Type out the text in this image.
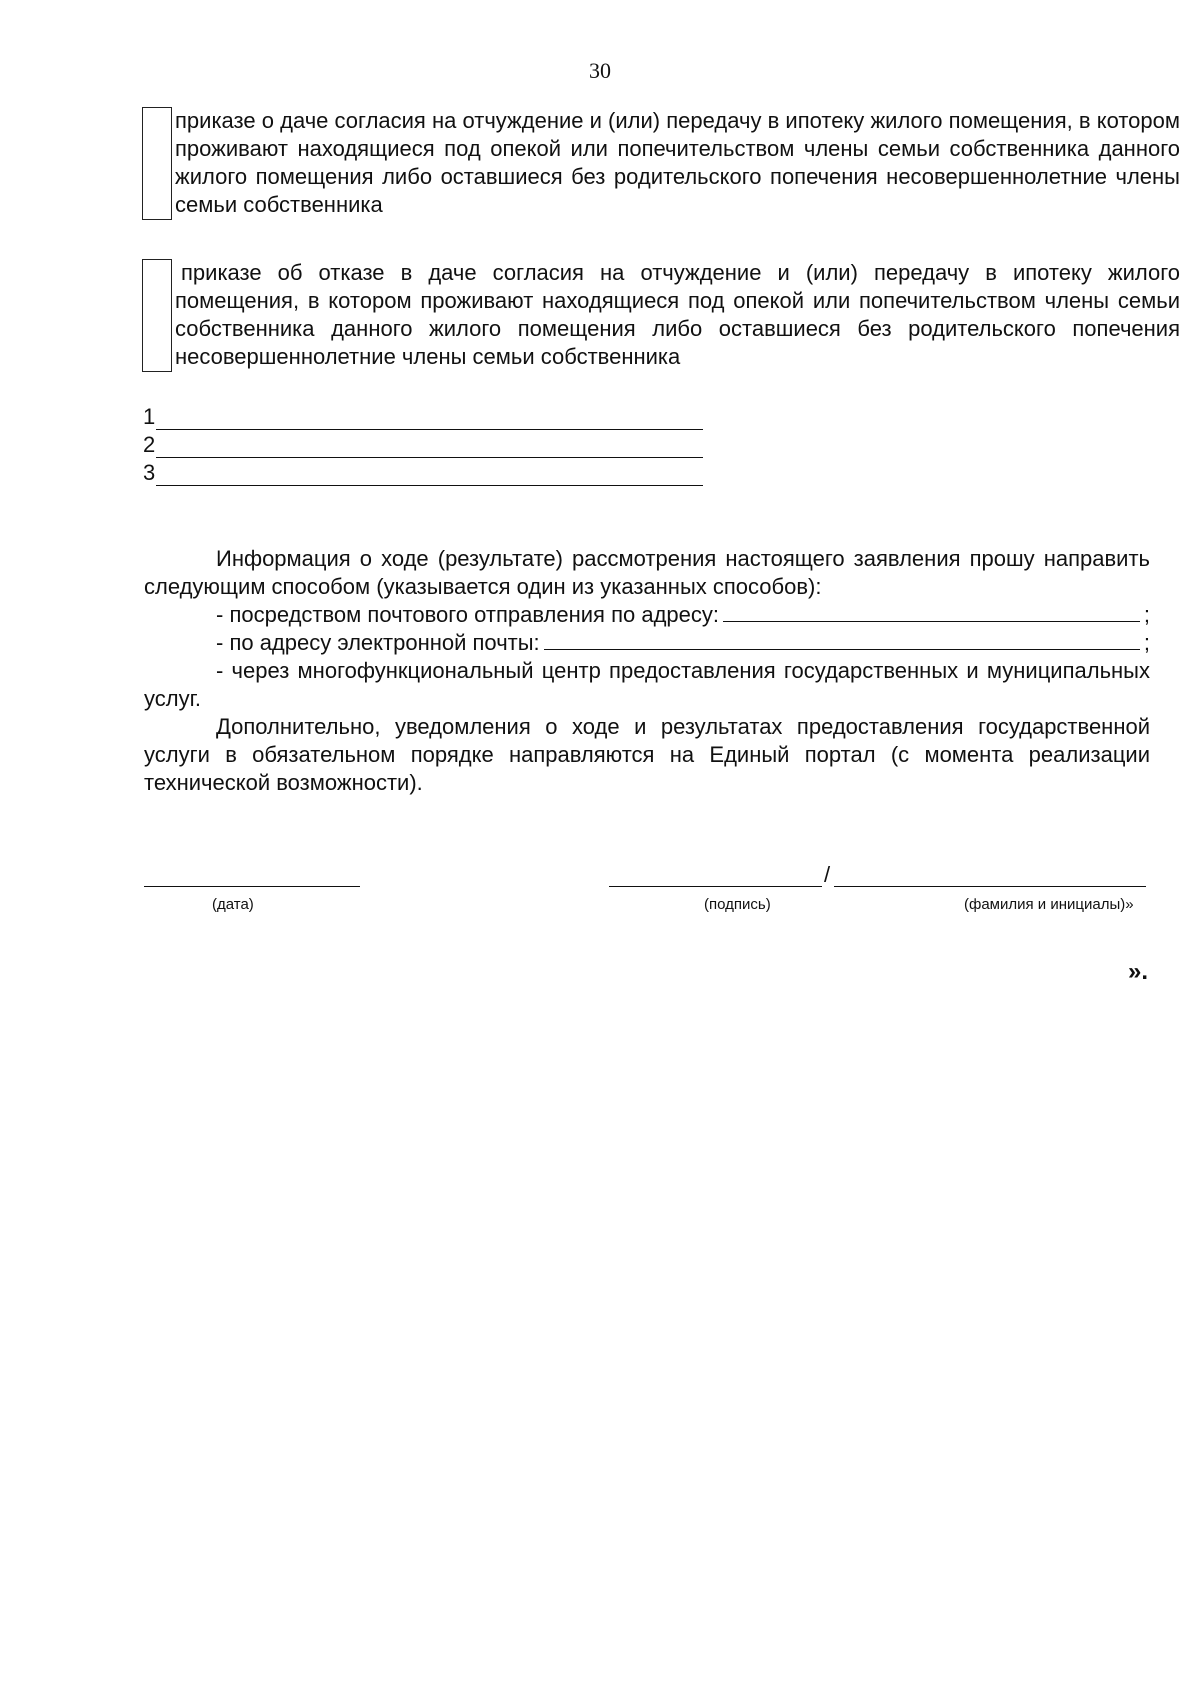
30
приказе о даче согласия на отчуждение и (или) передачу в ипотеку жилого помещения, в котором проживают находящиеся под опекой или попечительством члены семьи собственника данного жилого помещения либо оставшиеся без родительского попечения несовершеннолетние члены семьи собственника
приказе об отказе в даче согласия на отчуждение и (или) передачу в ипотеку жилого помещения, в котором проживают находящиеся под опекой или попечительством члены семьи собственника данного жилого помещения либо оставшиеся без родительского попечения несовершеннолетние члены семьи собственника
1
2
3

Информация о ходе (результате) рассмотрения настоящего заявления прошу направить следующим способом (указывается один из указанных способов):

- посредством почтового отправления по адресу:	;
- по адресу электронной почты:	;

- через многофункциональный центр предоставления государственных и муниципальных услуг.

Дополнительно, уведомления о ходе и результатах предоставления государственной услуги в обязательном порядке направляются на Единый портал (с момента реализации технической возможности).

/
(дата)	(подпись)	(фамилия и инициалы)»
».
